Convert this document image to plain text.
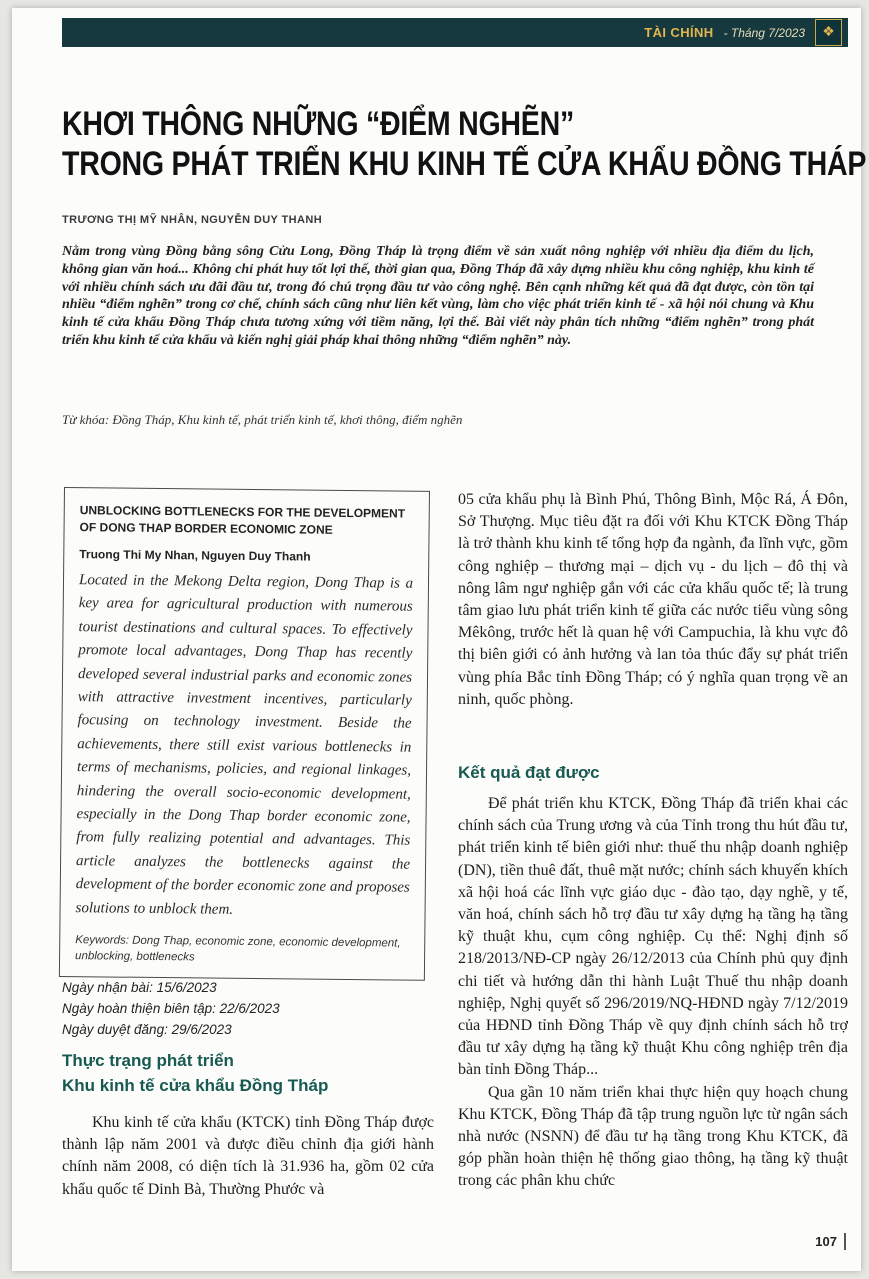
TÀI CHÍNH - Tháng 7/2023	❖
KHƠI THÔNG NHỮNG “ĐIỂM NGHẼN”
TRONG PHÁT TRIỂN KHU KINH TẾ CỬA KHẨU ĐỒNG THÁP
TRƯƠNG THỊ MỸ NHÂN, NGUYỄN DUY THANH
Nằm trong vùng Đồng bằng sông Cửu Long, Đồng Tháp là trọng điểm về sản xuất nông nghiệp với nhiều địa điểm du lịch, không gian văn hoá... Không chỉ phát huy tốt lợi thế, thời gian qua, Đồng Tháp đã xây dựng nhiều khu công nghiệp, khu kinh tế với nhiều chính sách ưu đãi đầu tư, trong đó chú trọng đầu tư vào công nghệ. Bên cạnh những kết quả đã đạt được, còn tồn tại nhiều “điểm nghẽn” trong cơ chế, chính sách cũng như liên kết vùng, làm cho việc phát triển kinh tế - xã hội nói chung và Khu kinh tế cửa khẩu Đồng Tháp chưa tương xứng với tiềm năng, lợi thế. Bài viết này phân tích những “điểm nghẽn” trong phát triển khu kinh tế cửa khẩu và kiến nghị giải pháp khai thông những “điểm nghẽn” này.
Từ khóa: Đồng Tháp, Khu kinh tế, phát triển kinh tế, khơi thông, điểm nghẽn
UNBLOCKING BOTTLENECKS FOR THE DEVELOPMENT OF DONG THAP BORDER ECONOMIC ZONE
Truong Thi My Nhan, Nguyen Duy Thanh
Located in the Mekong Delta region, Dong Thap is a key area for agricultural production with numerous tourist destinations and cultural spaces. To effectively promote local advantages, Dong Thap has recently developed several industrial parks and economic zones with attractive investment incentives, particularly focusing on technology investment. Beside the achievements, there still exist various bottlenecks in terms of mechanisms, policies, and regional linkages, hindering the overall socio-economic development, especially in the Dong Thap border economic zone, from fully realizing potential and advantages. This article analyzes the bottlenecks against the development of the border economic zone and proposes solutions to unblock them.
Keywords: Dong Thap, economic zone, economic development, unblocking, bottlenecks
Ngày nhận bài: 15/6/2023
Ngày hoàn thiện biên tập: 22/6/2023
Ngày duyệt đăng: 29/6/2023
Thực trạng phát triển
Khu kinh tế cửa khẩu Đồng Tháp
Khu kinh tế cửa khẩu (KTCK) tỉnh Đồng Tháp được thành lập năm 2001 và được điều chỉnh địa giới hành chính năm 2008, có diện tích là 31.936 ha, gồm 02 cửa khẩu quốc tế Dinh Bà, Thường Phước và
05 cửa khẩu phụ là Bình Phú, Thông Bình, Mộc Rá, Á Đôn, Sở Thượng. Mục tiêu đặt ra đối với Khu KTCK Đồng Tháp là trở thành khu kinh tế tổng hợp đa ngành, đa lĩnh vực, gồm công nghiệp – thương mại – dịch vụ - du lịch – đô thị và nông lâm ngư nghiệp gắn với các cửa khẩu quốc tế; là trung tâm giao lưu phát triển kinh tế giữa các nước tiểu vùng sông Mêkông, trước hết là quan hệ với Campuchia, là khu vực đô thị biên giới có ảnh hưởng và lan tỏa thúc đẩy sự phát triển vùng phía Bắc tỉnh Đồng Tháp; có ý nghĩa quan trọng về an ninh, quốc phòng.
Kết quả đạt được
Để phát triển khu KTCK, Đồng Tháp đã triển khai các chính sách của Trung ương và của Tỉnh trong thu hút đầu tư, phát triển kinh tế biên giới như: thuế thu nhập doanh nghiệp (DN), tiền thuê đất, thuê mặt nước; chính sách khuyến khích xã hội hoá các lĩnh vực giáo dục - đào tạo, dạy nghề, y tế, văn hoá, chính sách hỗ trợ đầu tư xây dựng hạ tầng hạ tầng kỹ thuật khu, cụm công nghiệp. Cụ thể: Nghị định số 218/2013/NĐ-CP ngày 26/12/2013 của Chính phủ quy định chi tiết và hướng dẫn thi hành Luật Thuế thu nhập doanh nghiệp, Nghị quyết số 296/2019/NQ-HĐND ngày 7/12/2019 của HĐND tỉnh Đồng Tháp về quy định chính sách hỗ trợ đầu tư xây dựng hạ tầng kỹ thuật Khu công nghiệp trên địa bàn tỉnh Đồng Tháp...
Qua gần 10 năm triển khai thực hiện quy hoạch chung Khu KTCK, Đồng Tháp đã tập trung nguồn lực từ ngân sách nhà nước (NSNN) để đầu tư hạ tầng trong Khu KTCK, đã góp phần hoàn thiện hệ thống giao thông, hạ tầng kỹ thuật trong các phân khu chức
107
